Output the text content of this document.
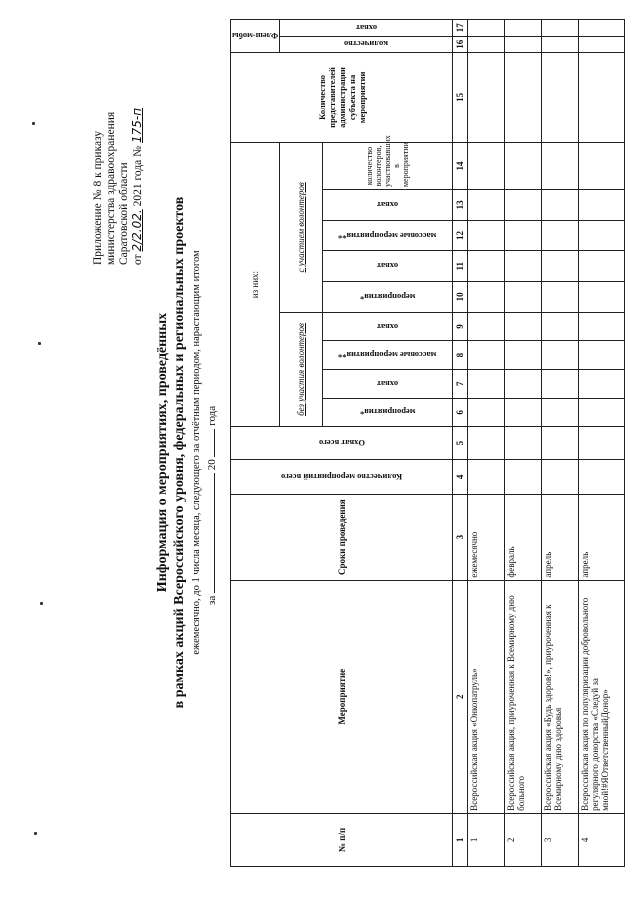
Приложение № 8 к приказу министерства здравоохранения Саратовской области от 2/2.02. 2021 года № 175-п
Информация о мероприятиях, проведённых в рамках акций Всероссийского уровня, федеральных и региональных проектов ежемесячно, до 1 числа месяца, следующего за отчётным периодом, нарастающим итогом за  20  года
№ п/п	Мероприятие	Сроки проведения	Количество мероприятий всего	Охват всего	из них:									Количество представителей администрации субъекта на мероприятии	Флеш-мобы	

					без участия волонтеров				с участием волонтеров						количество	охват

					мероприятия*	охват	массовые мероприятия**	охват	мероприятия*	охват	массовые мероприятия**	охват	количество волонтеров, участвовавших в мероприятии			
1	2	3	4	5	6	7	8	9	10	11	12	13	14	15	16	17
1	Всероссийская акция «Онкопатруль»	ежемесячно														
2	Всероссийская акция, приуроченная к Всемирному дню больного	февраль														
3	Всероссийская акция «Будь здоров!», приуроченная к Всемирному дню здоровья	апрель														
4	Всероссийская акция по популяризации добровольного регулярного донорства «Следуй за мной!#ЯОтветственныйДонор»	апрель														
